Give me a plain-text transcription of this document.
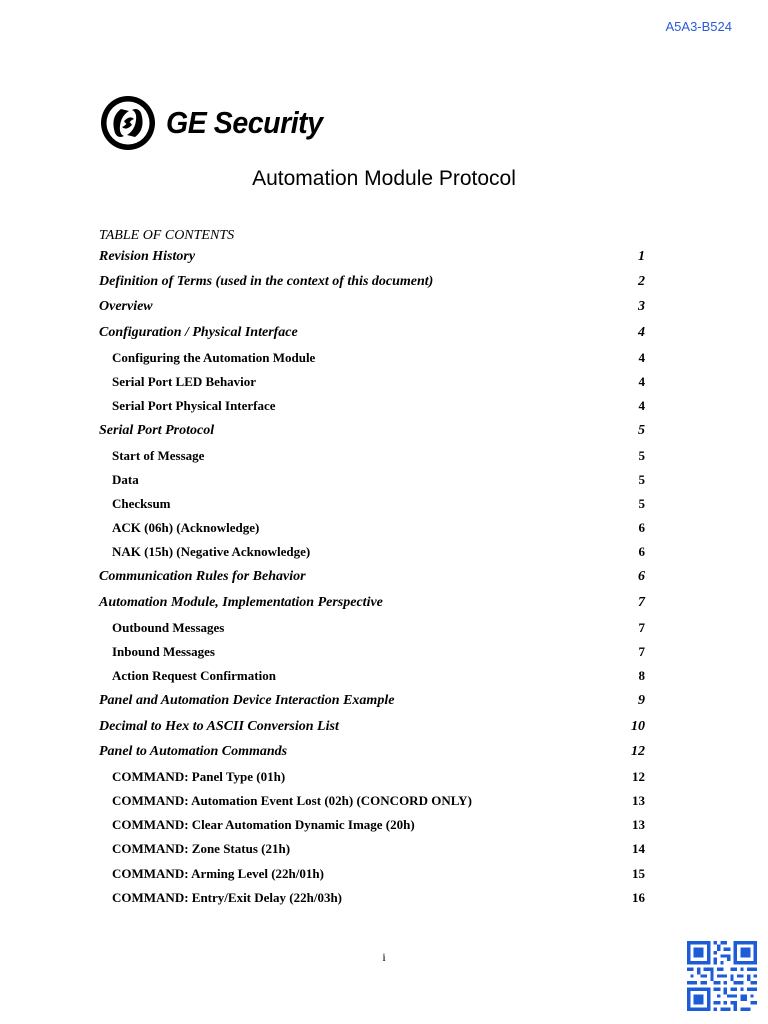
A5A3-B524
GE Security
Automation Module Protocol
TABLE OF CONTENTS
Revision History	1
Definition of Terms (used in the context of this document)	2
Overview	3
Configuration / Physical Interface	4
Configuring the Automation Module	4
Serial Port LED Behavior	4
Serial Port Physical Interface	4
Serial Port Protocol	5
Start of Message	5
Data	5
Checksum	5
ACK (06h) (Acknowledge)	6
NAK (15h) (Negative Acknowledge)	6
Communication Rules for Behavior	6
Automation Module, Implementation Perspective	7
Outbound Messages	7
Inbound Messages	7
Action Request Confirmation	8
Panel and Automation Device Interaction Example	9
Decimal to Hex to ASCII Conversion List	10
Panel to Automation Commands	12
COMMAND: Panel Type (01h)	12
COMMAND: Automation Event Lost (02h) (CONCORD ONLY)	13
COMMAND: Clear Automation Dynamic Image (20h)	13
COMMAND: Zone Status (21h)	14
COMMAND: Arming Level (22h/01h)	15
COMMAND: Entry/Exit Delay (22h/03h)	16
i
